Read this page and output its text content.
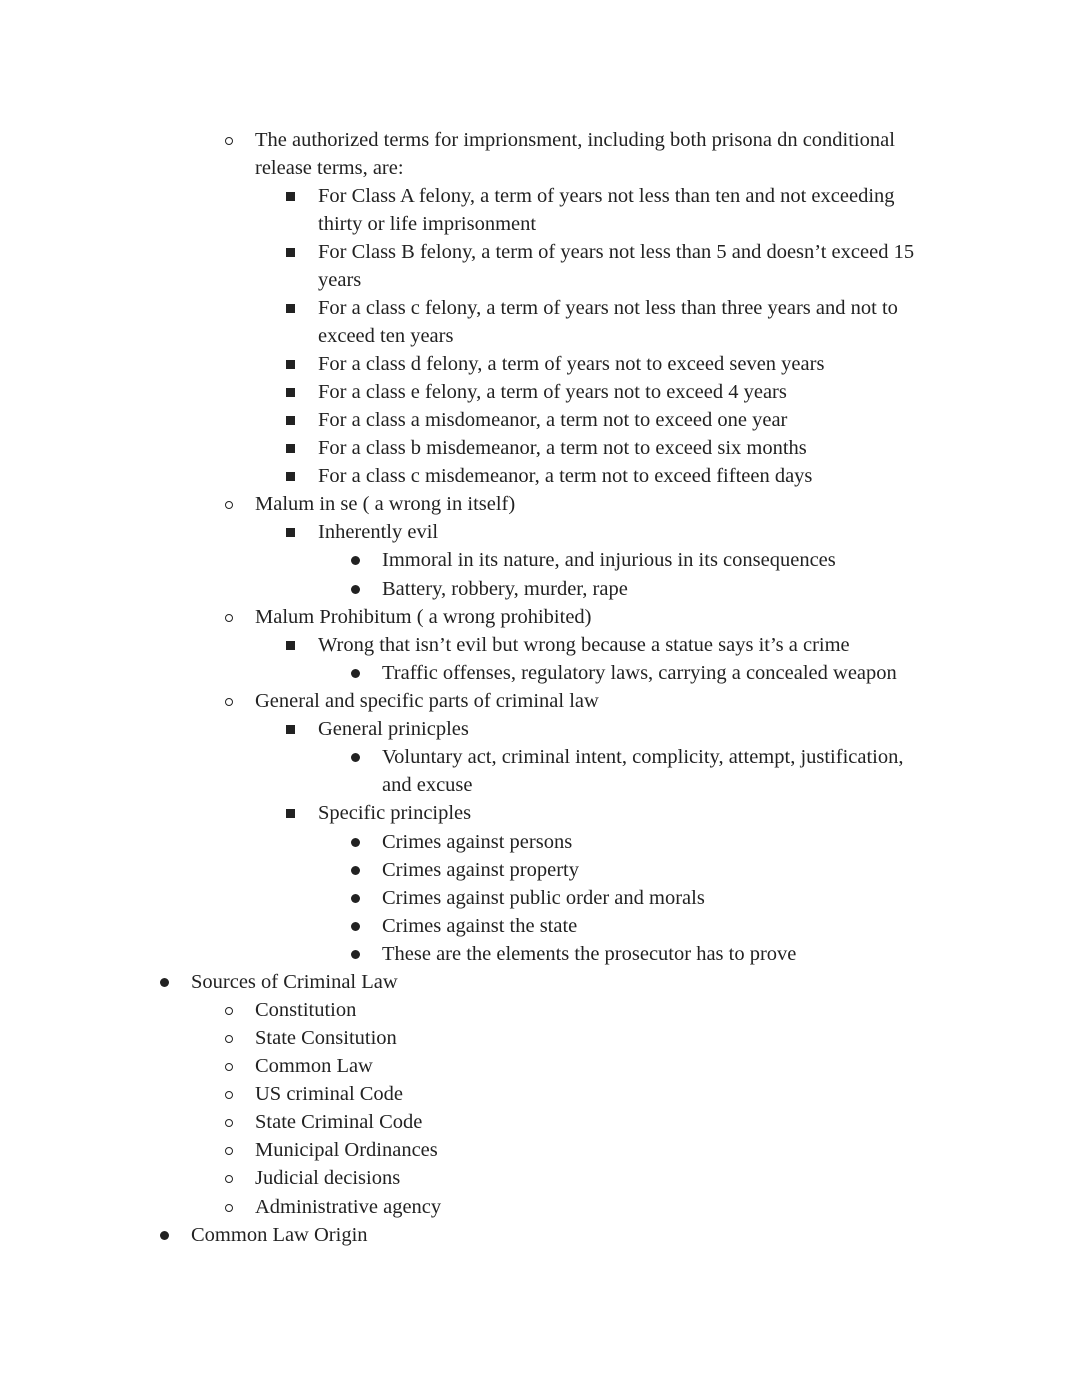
The authorized terms for imprionsment, including both prisona dn conditional
release terms, are:
For Class A felony, a term of years not less than ten and not exceeding
thirty or life imprisonment
For Class B felony, a term of years not less than 5 and doesn’t exceed 15
years
For a class c felony, a term of years not less than three years and not to
exceed ten years
For a class d felony, a term of years not to exceed seven years
For a class e felony, a term of years not to exceed 4 years
For a class a misdomeanor, a term not to exceed one year
For a class b misdemeanor, a term not to exceed six months
For a class c misdemeanor, a term not to exceed fifteen days
Malum in se ( a wrong in itself)
Inherently evil
Immoral in its nature, and injurious in its consequences
Battery, robbery, murder, rape
Malum Prohibitum ( a wrong prohibited)
Wrong that isn’t evil but wrong because a statue says it’s a crime
Traffic offenses, regulatory laws, carrying a concealed weapon
General and specific parts of criminal law
General prinicples
Voluntary act, criminal intent, complicity, attempt, justification,
and excuse
Specific principles
Crimes against persons
Crimes against property
Crimes against public order and morals
Crimes against the state
These are the elements the prosecutor has to prove
Sources of Criminal Law
Constitution
State Consitution
Common Law
US criminal Code
State Criminal Code
Municipal Ordinances
Judicial decisions
Administrative agency
Common Law Origin
